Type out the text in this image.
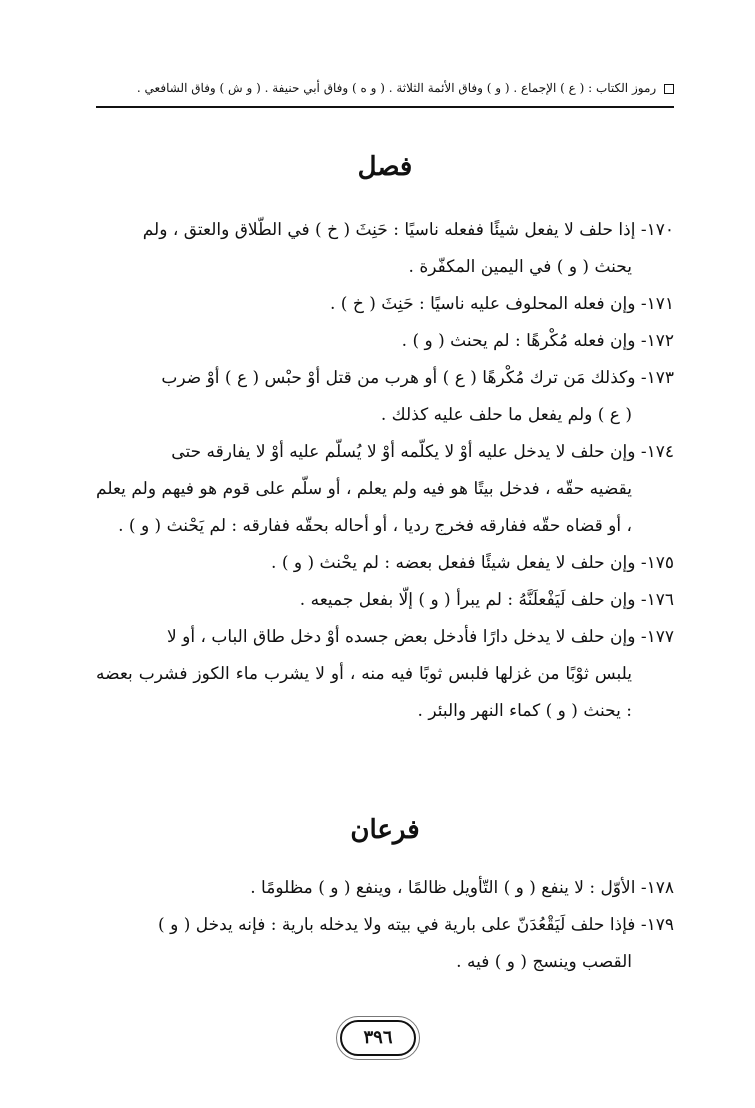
رموز الكتاب : ( ع ) الإجماع . ( و ) وفاق الأئمة الثلاثة . ( و ه ) وفاق أبي حنيفة . ( و ش ) وفاق الشافعي .
فصل

١٧٠- إذا حلف لا يفعل شيئًا ففعله ناسيًا : حَنِثَ ( خ ) في الطّلاق والعتق ، ولم

يحنث ( و ) في اليمين المكفّرة .

١٧١- وإن فعله المحلوف عليه ناسيًا : حَنِثَ ( خ ) .

١٧٢- وإن فعله مُكْرهًا : لم يحنث ( و ) .

١٧٣- وكذلك مَن ترك مُكْرهًا ( ع ) أو هرب من قتل أوْ حبْس ( ع ) أوْ ضرب

( ع ) ولم يفعل ما حلف عليه كذلك .

١٧٤- وإن حلف لا يدخل عليه أوْ لا يكلّمه أوْ لا يُسلّم عليه أوْ لا يفارقه حتى

يقضيه حقّه ، فدخل بيتًا هو فيه ولم يعلم ، أو سلّم على قوم هو فيهم ولم يعلم ، أو قضاه حقّه ففارقه فخرج رديا ، أو أحاله بحقّه ففارقه : لم يَحْنث ( و ) .

١٧٥- وإن حلف لا يفعل شيئًا ففعل بعضه : لم يحْنث ( و ) .

١٧٦- وإن حلف لَيَفْعلَنَّهُ : لم يبرأ ( و ) إلّا بفعل جميعه .

١٧٧- وإن حلف لا يدخل دارًا فأدخل بعض جسده أوْ دخل طاق الباب ، أو لا

يلبس ثوْبًا من غزلها فلبس ثوبًا فيه منه ، أو لا يشرب ماء الكوز فشرب بعضه : يحنث ( و ) كماء النهر والبئر .

فرعان

١٧٨- الأوّل : لا ينفع ( و ) التّأويل ظالمًا ، وينفع ( و ) مظلومًا .

١٧٩- فإذا حلف لَيَقْعُدَنّ على بارية في بيته ولا يدخله بارية : فإنه يدخل ( و )

القصب وينسج ( و ) فيه .

٣٩٦
